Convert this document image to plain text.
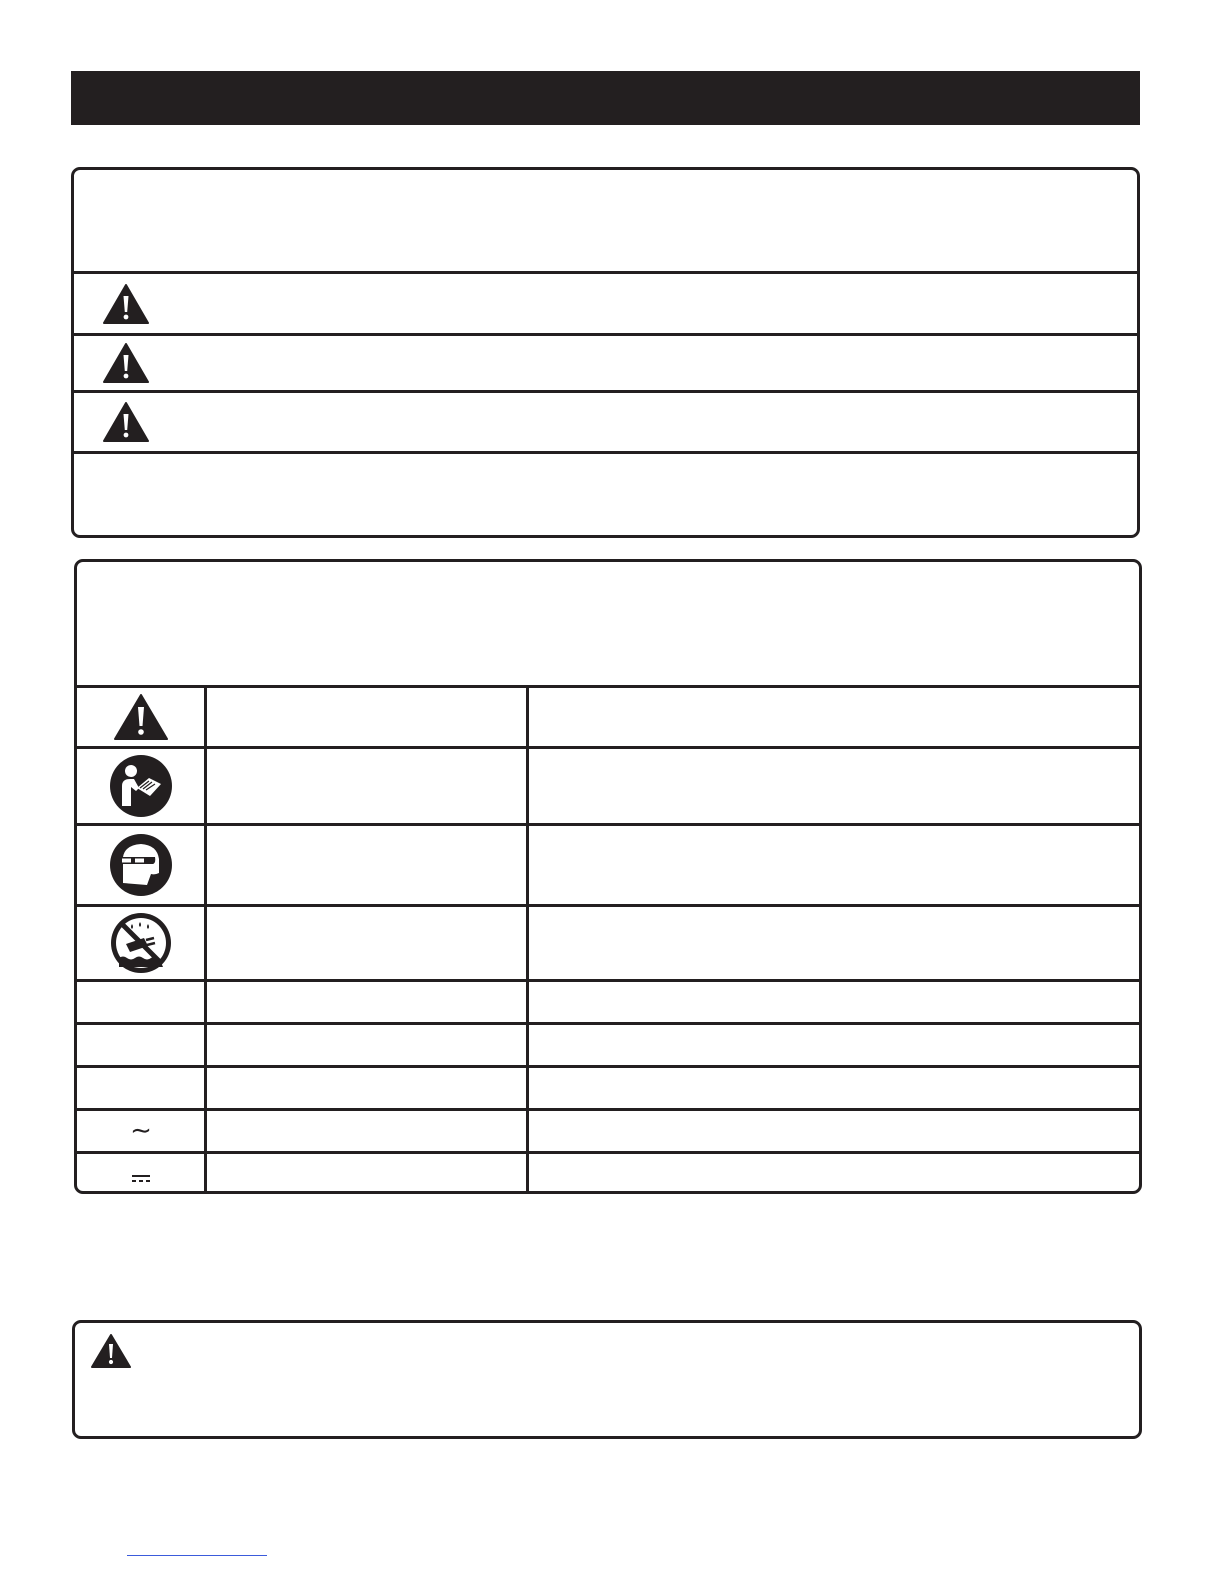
∼
